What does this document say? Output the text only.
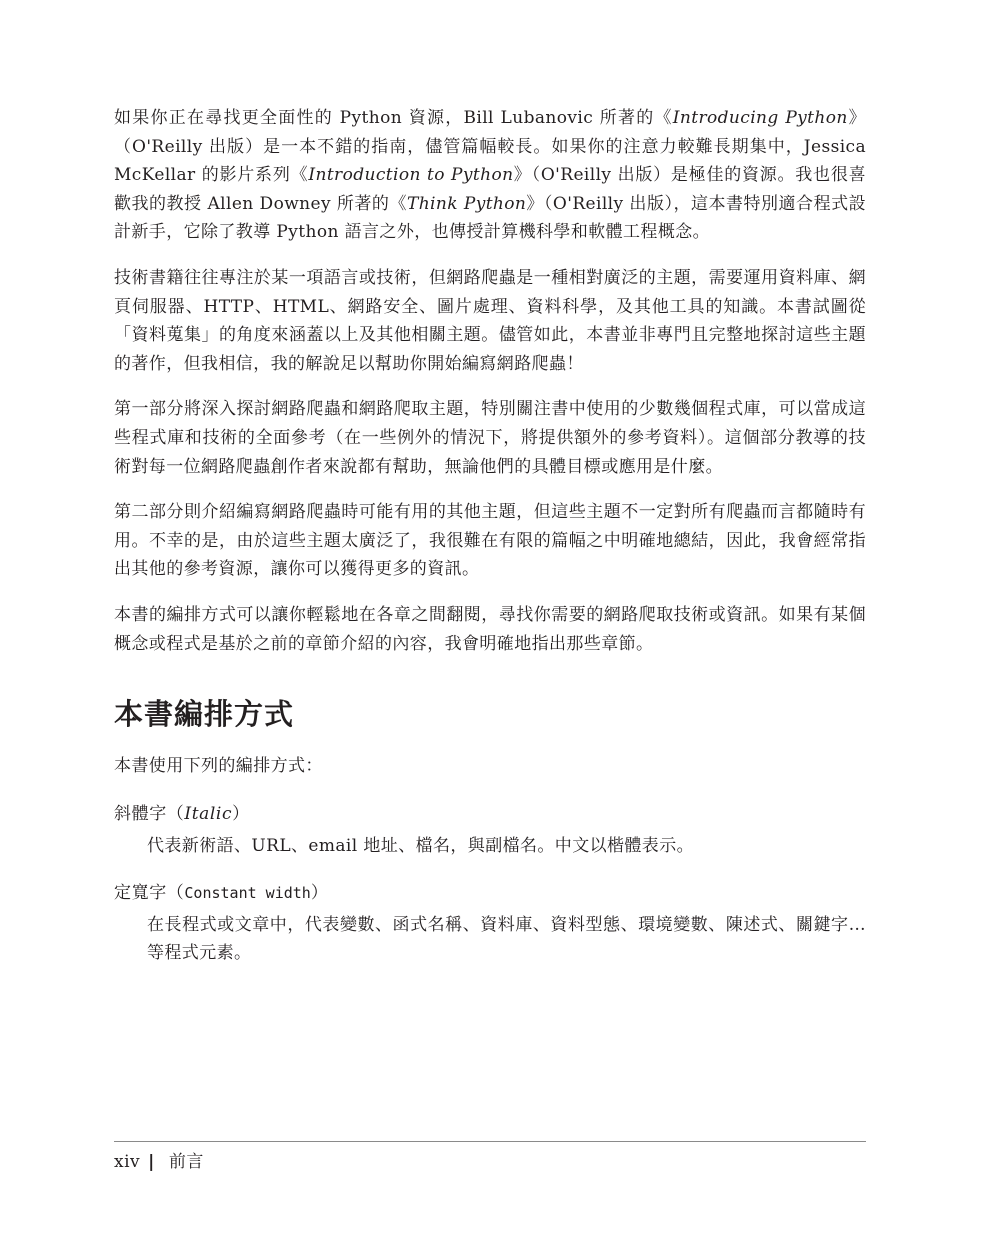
如果你正在尋找更全面性的 Python 資源，Bill Lubanovic 所著的《Introducing Python》（O'Reilly 出版）是一本不錯的指南，儘管篇幅較長。如果你的注意力較難長期集中，Jessica McKellar 的影片系列《Introduction to Python》（O'Reilly 出版）是極佳的資源。我也很喜歡我的教授 Allen Downey 所著的《Think Python》（O'Reilly 出版），這本書特別適合程式設計新手，它除了教導 Python 語言之外，也傳授計算機科學和軟體工程概念。

技術書籍往往專注於某一項語言或技術，但網路爬蟲是一種相對廣泛的主題，需要運用資料庫、網頁伺服器、HTTP、HTML、網路安全、圖片處理、資料科學，及其他工具的知識。本書試圖從「資料蒐集」的角度來涵蓋以上及其他相關主題。儘管如此，本書並非專門且完整地探討這些主題的著作，但我相信，我的解說足以幫助你開始編寫網路爬蟲！

第一部分將深入探討網路爬蟲和網路爬取主題，特別關注書中使用的少數幾個程式庫，可以當成這些程式庫和技術的全面參考（在一些例外的情況下，將提供額外的參考資料）。這個部分教導的技術對每一位網路爬蟲創作者來說都有幫助，無論他們的具體目標或應用是什麼。

第二部分則介紹編寫網路爬蟲時可能有用的其他主題，但這些主題不一定對所有爬蟲而言都隨時有用。不幸的是，由於這些主題太廣泛了，我很難在有限的篇幅之中明確地總結，因此，我會經常指出其他的參考資源，讓你可以獲得更多的資訊。

本書的編排方式可以讓你輕鬆地在各章之間翻閱，尋找你需要的網路爬取技術或資訊。如果有某個概念或程式是基於之前的章節介紹的內容，我會明確地指出那些章節。

本書編排方式

本書使用下列的編排方式：

斜體字（Italic）

代表新術語、URL、email 地址、檔名，與副檔名。中文以楷體表示。

定寬字（Constant width）

在長程式或文章中，代表變數、函式名稱、資料庫、資料型態、環境變數、陳述式、關鍵字…等程式元素。

xiv | 前言
